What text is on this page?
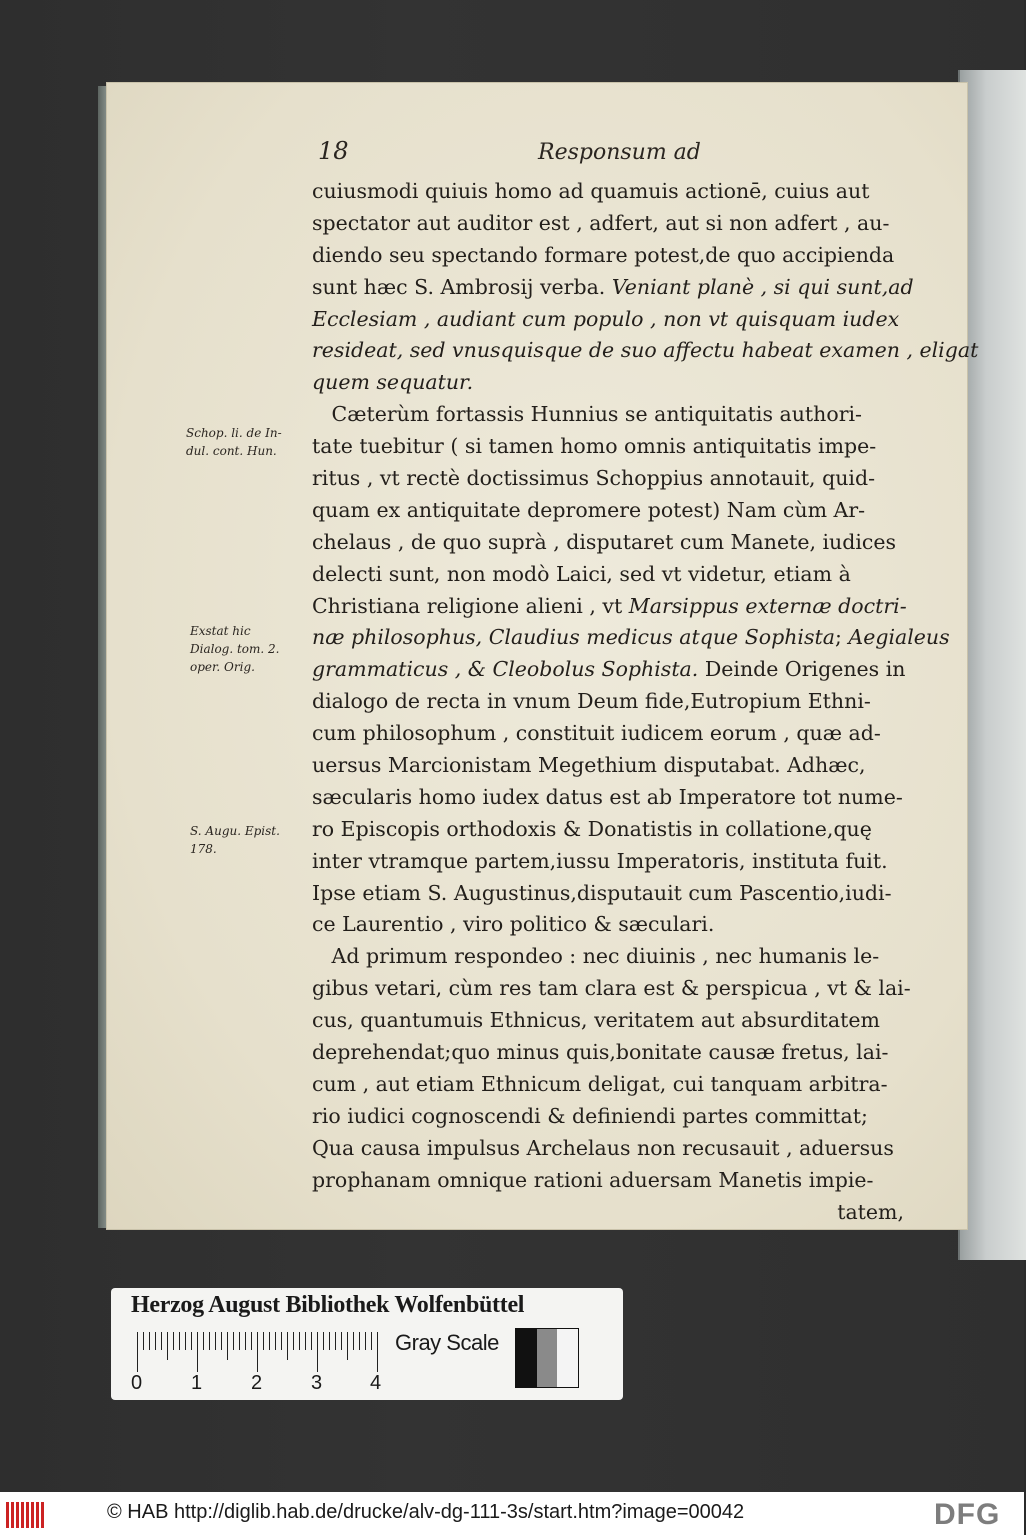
18	Responsum ad
cuiusmodi quiuis homo ad quamuis actionē, cuius aut
spectator aut auditor est , adfert, aut si non adfert , au-
diendo seu spectando formare potest,de quo accipienda
sunt hæc S. Ambrosij verba. Veniant planè , si qui sunt,ad
Ecclesiam , audiant cum populo , non vt quisquam iudex
resideat, sed vnusquisque de suo affectu habeat examen , eligat
quem sequatur.
Cæterùm fortassis Hunnius se antiquitatis authori-
tate tuebitur ( si tamen homo omnis antiquitatis impe-
ritus , vt rectè doctissimus Schoppius annotauit, quid-
quam ex antiquitate depromere potest) Nam cùm Ar-
chelaus , de quo suprà , disputaret cum Manete, iudices
delecti sunt, non modò Laici, sed vt videtur, etiam à
Christiana religione alieni , vt Marsippus externæ doctri-
næ philosophus, Claudius medicus atque Sophista; Aegialeus
grammaticus , & Cleobolus Sophista. Deinde Origenes in
dialogo de recta in vnum Deum fide,Eutropium Ethni-
cum philosophum , constituit iudicem eorum , quæ ad-
uersus Marcionistam Megethium disputabat. Adhæc,
sæcularis homo iudex datus est ab Imperatore tot nume-
ro Episcopis orthodoxis & Donatistis in collatione,quę
inter vtramque partem,iussu Imperatoris, instituta fuit.
Ipse etiam S. Augustinus,disputauit cum Pascentio,iudi-
ce Laurentio , viro politico & sæculari.
Ad primum respondeo : nec diuinis , nec humanis le-
gibus vetari, cùm res tam clara est & perspicua , vt & lai-
cus, quantumuis Ethnicus, veritatem aut absurditatem
deprehendat;quo minus quis,bonitate causæ fretus, lai-
cum , aut etiam Ethnicum deligat, cui tanquam arbitra-
rio iudici cognoscendi & definiendi partes committat;
Qua causa impulsus Archelaus non recusauit , aduersus
prophanam omnique rationi aduersam Manetis impie-
tatem,
Schop. li. de In-
dul. cont. Hun.
Exstat hic
Dialog. tom. 2.
oper. Orig.
S. Augu. Epist.
178.
Herzog August Bibliothek Wolfenbüttel
0 1 2 3 4
Gray Scale
© HAB http://diglib.hab.de/drucke/alv-dg-111-3s/start.htm?image=00042	DFG
